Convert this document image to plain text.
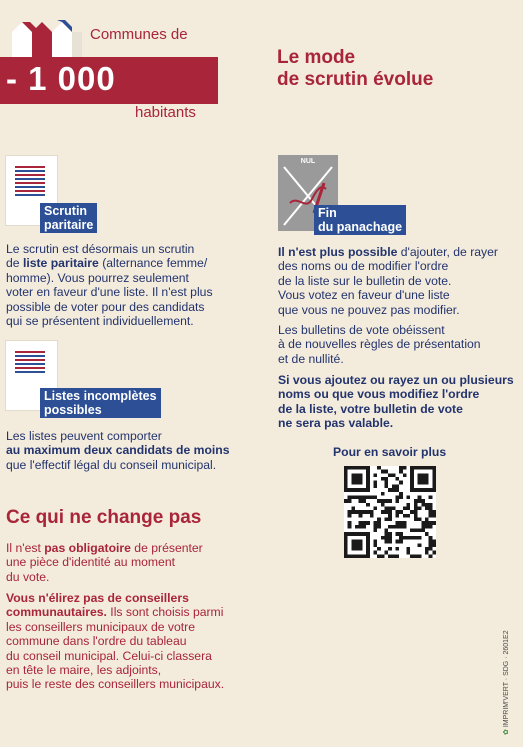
Communes de
- 1 000
habitants
Le mode
de scrutin évolue
Scrutin
paritaire

Le scrutin est désormais un scrutin

de liste paritaire (alternance femme/

homme). Vous pourrez seulement

voter en faveur d'une liste. Il n'est plus

possible de voter pour des candidats

qui se présentent individuellement.

Listes incomplètes
possibles

Les listes peuvent comporter

au maximum deux candidats de moins

que l'effectif légal du conseil municipal.

NUL
Fin
du panachage

Il n'est plus possible d'ajouter, de rayer

des noms ou de modifier l'ordre

de la liste sur le bulletin de vote.

Vous votez en faveur d'une liste

que vous ne pouvez pas modifier.

Les bulletins de vote obéissent

à de nouvelles règles de présentation

et de nullité.

Si vous ajoutez ou rayez un ou plusieurs

noms ou que vous modifiez l'ordre

de la liste, votre bulletin de vote

ne sera pas valable.

Pour en savoir plus
Ce qui ne change pas

Il n'est pas obligatoire de présenter

une pièce d'identité au moment

du vote.

Vous n'élirez pas de conseillers

communautaires. Ils sont choisis parmi

les conseillers municipaux de votre

commune dans l'ordre du tableau

du conseil municipal. Celui-ci classera

en tête le maire, les adjoints,

puis le reste des conseillers municipaux.

✿ IMPRIM'VERT · SDG · 2601E2
